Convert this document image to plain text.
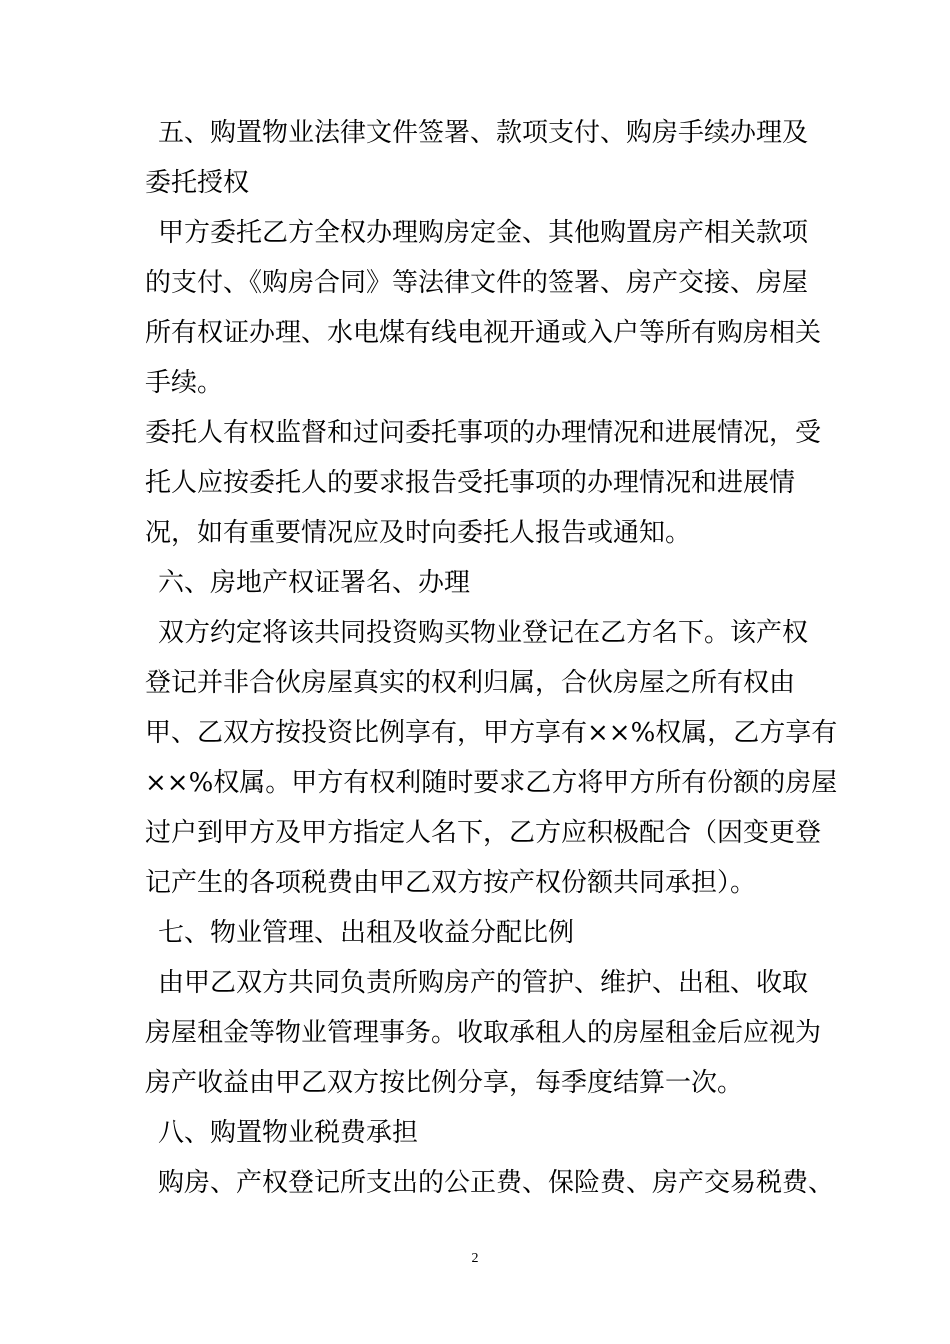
五、购置物业法律文件签署、款项支付、购房手续办理及
委托授权
甲方委托乙方全权办理购房定金、其他购置房产相关款项
的支付、《购房合同》等法律文件的签署、房产交接、房屋
所有权证办理、水电煤有线电视开通或入户等所有购房相关
手续。
委托人有权监督和过问委托事项的办理情况和进展情况，受
托人应按委托人的要求报告受托事项的办理情况和进展情
况，如有重要情况应及时向委托人报告或通知。
六、房地产权证署名、办理
双方约定将该共同投资购买物业登记在乙方名下。该产权
登记并非合伙房屋真实的权利归属，合伙房屋之所有权由
甲、乙双方按投资比例享有，甲方享有××%权属，乙方享有
××%权属。甲方有权利随时要求乙方将甲方所有份额的房屋
过户到甲方及甲方指定人名下，乙方应积极配合（因变更登
记产生的各项税费由甲乙双方按产权份额共同承担）。
七、物业管理、出租及收益分配比例
由甲乙双方共同负责所购房产的管护、维护、出租、收取
房屋租金等物业管理事务。收取承租人的房屋租金后应视为
房产收益由甲乙双方按比例分享，每季度结算一次。
八、购置物业税费承担
购房、产权登记所支出的公正费、保险费、房产交易税费、
2
